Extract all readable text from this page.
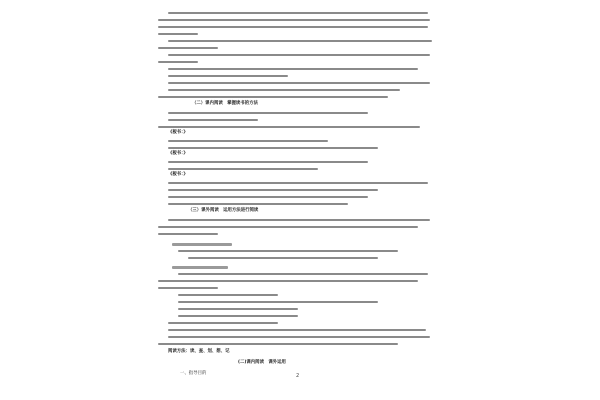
（二）课内阅读　掌握读书的方法
《板书：》
《板书：》
《板书：》
（三）课外阅读　运用方法进行阅读
阅读方法：读、查、划、想、记
(二)课内阅读　课外运用
一、指导目的	2
